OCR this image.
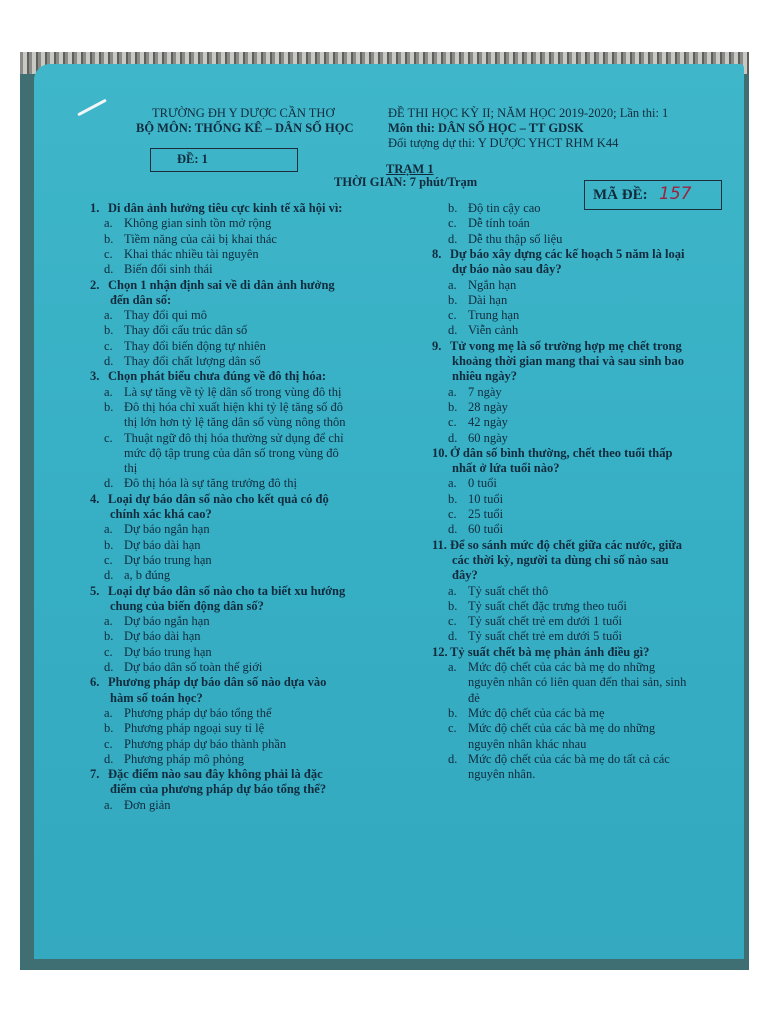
TRƯỜNG ĐH Y DƯỢC CẦN THƠ
BỘ MÔN: THỐNG KÊ – DÂN SỐ HỌC
ĐỀ THI HỌC KỲ II; NĂM HỌC 2019-2020; Lần thi: 1
Môn thi: DÂN SỐ HỌC – TT GDSK
Đối tượng dự thi: Y DƯỢC YHCT RHM K44
ĐỀ: 1
TRẠM 1
THỜI GIAN: 7 phút/Trạm
MÃ ĐỀ: 157
1. Di dân ảnh hưởng tiêu cực kinh tế xã hội vì:
a. Không gian sinh tồn mở rộng
b. Tiềm năng của cải bị khai thác
c. Khai thác nhiều tài nguyên
d. Biến đổi sinh thái
2. Chọn 1 nhận định sai về di dân ảnh hưởng
đến dân số:
a. Thay đổi qui mô
b. Thay đổi cấu trúc dân số
c. Thay đổi biến động tự nhiên
d. Thay đổi chất lượng dân số
3. Chọn phát biểu chưa đúng về đô thị hóa:
a. Là sự tăng về tỷ lệ dân số trong vùng đô thị
b. Đô thị hóa chỉ xuất hiện khi tỷ lệ tăng số đô
thị lớn hơn tỷ lệ tăng dân số vùng nông thôn
c. Thuật ngữ đô thị hóa thường sử dụng để chỉ
mức độ tập trung của dân số trong vùng đô
thị
d. Đô thị hóa là sự tăng trưởng đô thị
4. Loại dự báo dân số nào cho kết quả có độ
chính xác khá cao?
a. Dự báo ngắn hạn
b. Dự báo dài hạn
c. Dự báo trung hạn
d. a, b đúng
5. Loại dự báo dân số nào cho ta biết xu hướng
chung của biến động dân số?
a. Dự báo ngắn hạn
b. Dự báo dài hạn
c. Dự báo trung hạn
d. Dự báo dân số toàn thế giới
6. Phương pháp dự báo dân số nào dựa vào
hàm số toán học?
a. Phương pháp dự báo tổng thể
b. Phương pháp ngoại suy tỉ lệ
c. Phương pháp dự báo thành phần
d. Phương pháp mô phỏng
7. Đặc điểm nào sau đây không phải là đặc
điểm của phương pháp dự báo tổng thể?
a. Đơn giản
b. Độ tin cậy cao
c. Dễ tính toán
d. Dễ thu thập số liệu
8. Dự báo xây dựng các kế hoạch 5 năm là loại
dự báo nào sau đây?
a. Ngắn hạn
b. Dài hạn
c. Trung hạn
d. Viễn cảnh
9. Tử vong mẹ là số trường hợp mẹ chết trong
khoảng thời gian mang thai và sau sinh bao
nhiêu ngày?
a. 7 ngày
b. 28 ngày
c. 42 ngày
d. 60 ngày
10. Ở dân số bình thường, chết theo tuổi thấp
nhất ở lứa tuổi nào?
a. 0 tuổi
b. 10 tuổi
c. 25 tuổi
d. 60 tuổi
11. Để so sánh mức độ chết giữa các nước, giữa
các thời kỳ, người ta dùng chỉ số nào sau
đây?
a. Tỷ suất chết thô
b. Tỷ suất chết đặc trưng theo tuổi
c. Tỷ suất chết trẻ em dưới 1 tuổi
d. Tỷ suất chết trẻ em dưới 5 tuổi
12. Tỷ suất chết bà mẹ phản ánh điều gì?
a. Mức độ chết của các bà mẹ do những
nguyên nhân có liên quan đến thai sản, sinh
đẻ
b. Mức độ chết của các bà mẹ
c. Mức độ chết của các bà mẹ do những
nguyên nhân khác nhau
d. Mức độ chết của các bà mẹ do tất cả các
nguyên nhân.
